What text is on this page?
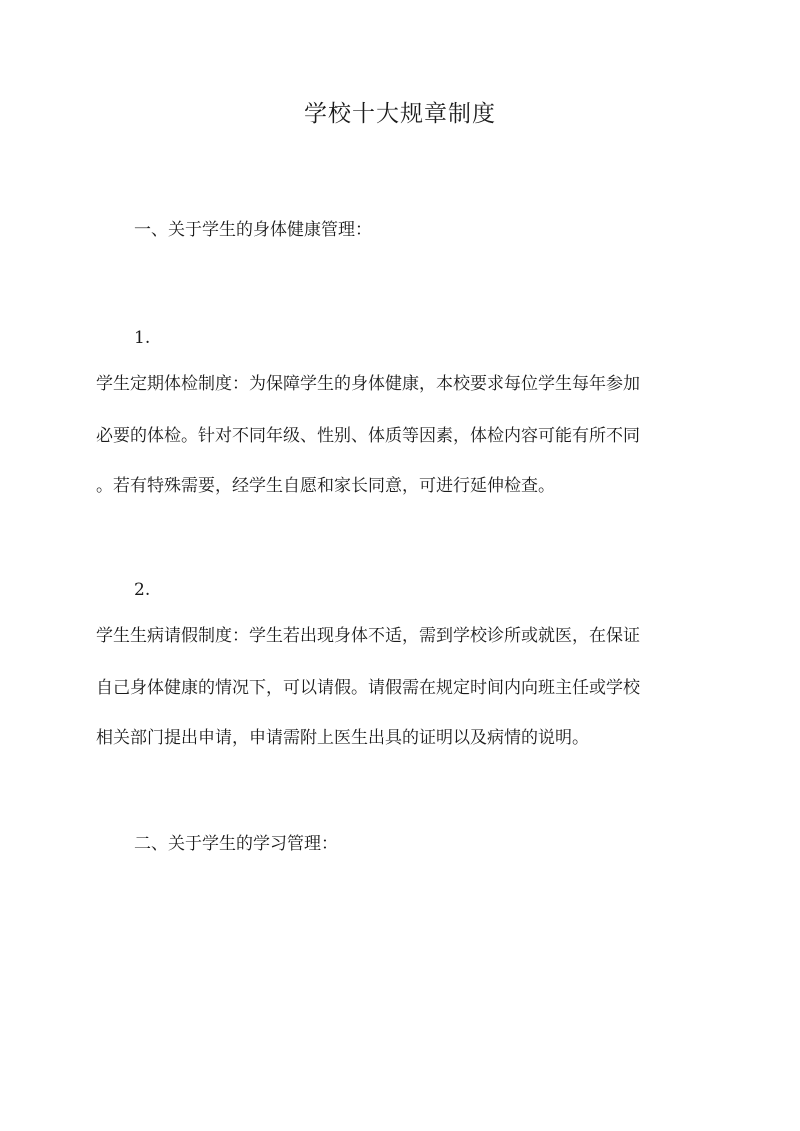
学校十大规章制度

一、关于学生的身体健康管理：

1.

学生定期体检制度：为保障学生的身体健康，本校要求每位学生每年参加

必要的体检。针对不同年级、性别、体质等因素，体检内容可能有所不同

。若有特殊需要，经学生自愿和家长同意，可进行延伸检查。

2.

学生生病请假制度：学生若出现身体不适，需到学校诊所或就医，在保证

自己身体健康的情况下，可以请假。请假需在规定时间内向班主任或学校

相关部门提出申请，申请需附上医生出具的证明以及病情的说明。

二、关于学生的学习管理：
